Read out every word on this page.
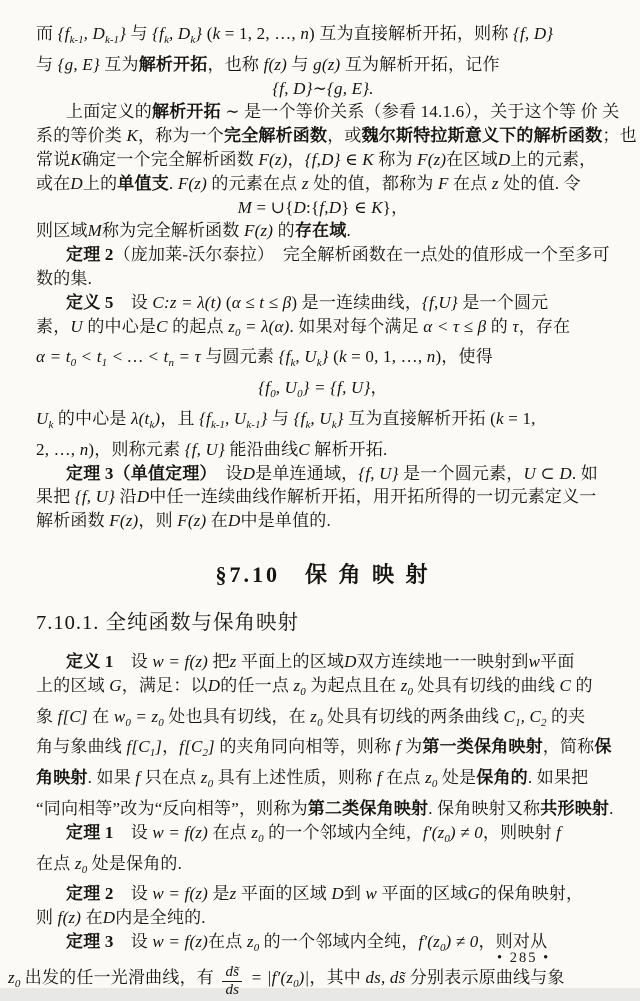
而 {$f_{k-1}$, $D_{k-1}$} 与 {$f_k$, $D_k$} (k = 1, 2, …, n) 互为直接解析开拓，则称 {f, D}
与 {g, E} 互为解析开拓，也称 f(z) 与 g(z) 互为解析开拓，记作
{f, D}∼{g, E}.
上面定义的解析开拓 ∼ 是一个等价关系（参看 14.1.6），关于这个等 价 关
系的等价类 K，称为一个完全解析函数，或魏尔斯特拉斯意义下的解析函数；也
常说K确定一个完全解析函数 F(z)，{f,D} ∈ K 称为 F(z)在区域D上的元素，
或在D上的单值支. F(z) 的元素在点 z 处的值，都称为 F 在点 z 处的值. 令
M = ∪{D:{f,D} ∈ K}，
则区域M称为完全解析函数 F(z) 的存在域.
定理 2（庞加莱-沃尔泰拉）　完全解析函数在一点处的值形成一个至多可
数的集.
定义 5　设 C:z = λ(t) (α ≤ t ≤ β) 是一连续曲线，{f,U} 是一个圆元
素，U 的中心是C 的起点 $z_0 = \lambda(\alpha)$. 如果对每个满足 α < τ ≤ β 的 τ，存在
$\alpha = t_0 < t_1$ < … < $t_n = \tau$ 与圆元素 {$f_k$, $U_k$} (k = 0, 1, …, n)，使得
{$f_0$, $U_0\} = \{f$, U}，
$U_k$ 的中心是 $\lambda(t_k)$，且 {$f_{k-1}$, $U_{k-1}$} 与 {$f_k$, $U_k$} 互为直接解析开拓 (k = 1,
2, …, n)，则称元素 {f, U} 能沿曲线C 解析开拓.
定理 3（单值定理）　设D是单连通域，{f, U} 是一个圆元素，U ⊂ D. 如
果把 {f, U} 沿D中任一连续曲线作解析开拓，用开拓所得的一切元素定义一
解析函数 F(z)，则 F(z) 在D中是单值的.
§7.10　保 角 映 射
7.10.1. 全纯函数与保角映射
定义 1　设 w = f(z) 把z 平面上的区域D双方连续地一一映射到w平面
上的区域 G，满足：以D的任一点 $z_0$ 为起点且在 $z_0$ 处具有切线的曲线 C 的
象 f[C] 在 $w_0 = z_0$ 处也具有切线，在 $z_0$ 处具有切线的两条曲线 $C_1$, $C_2$ 的夹
角与象曲线 $f[C_1]$，$f[C_2]$ 的夹角同向相等，则称 f 为第一类保角映射，简称保
角映射. 如果 f 只在点 $z_0$ 具有上述性质，则称 f 在点 $z_0$ 处是保角的. 如果把
“同向相等”改为“反向相等”，则称为第二类保角映射. 保角映射又称共形映射.
定理 1　设 w = f(z) 在点 $z_0$ 的一个邻域内全纯，$f'(z_0) \ne 0$，则映射 f
在点 $z_0$ 处是保角的.
定理 2　设 w = f(z) 是z 平面的区域 D到 w 平面的区域G的保角映射，
则 f(z) 在D内是全纯的.
定理 3　设 w = f(z)在点 $z_0$ 的一个邻域内全纯，$f'(z_0) \ne 0$，则对从
$z_0$ 出发的任一光滑曲线，有 $\frac{ds̃}{ds} = |f'(z_0)|$，其中 ds, ds̃ 分别表示原曲线与象
• 285 •
